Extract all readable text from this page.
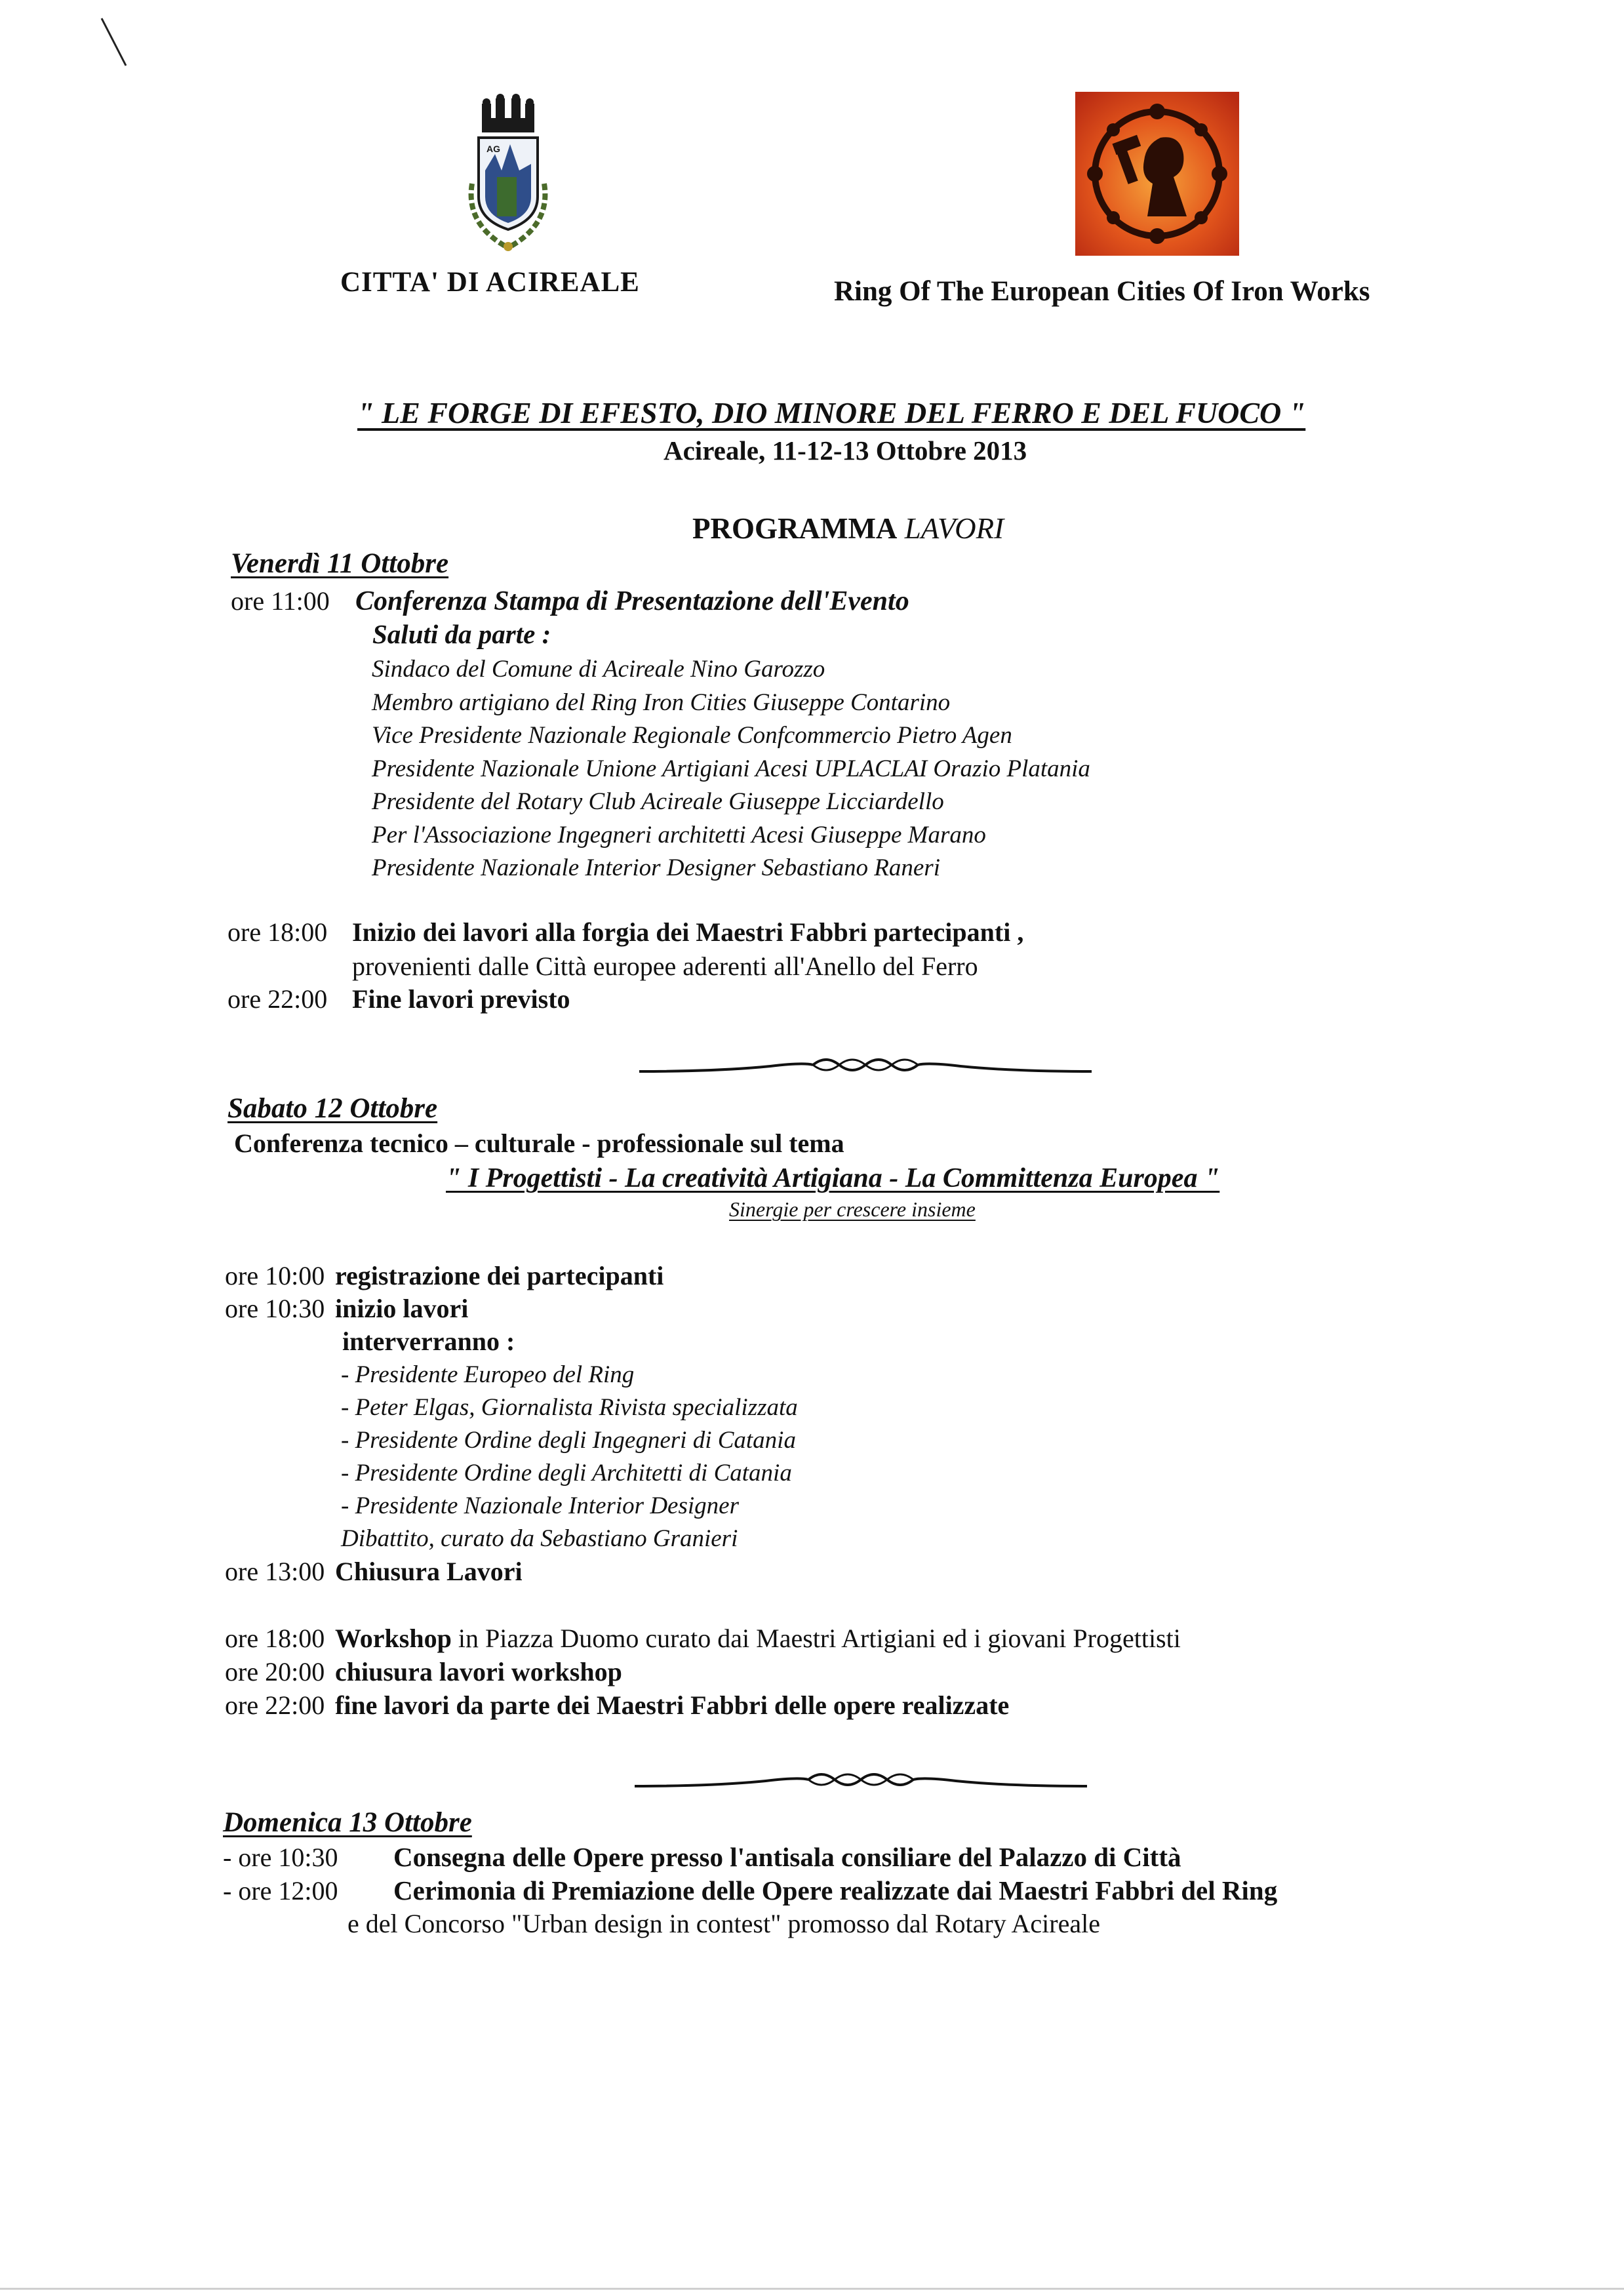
AG
CITTA' DI ACIREALE	Ring Of The European Cities Of Iron Works
" LE FORGE DI EFESTO, DIO MINORE DEL FERRO E DEL FUOCO "
Acireale, 11-12-13 Ottobre 2013
PROGRAMMA LAVORI
Venerdì 11 Ottobre
ore 11:00 Conferenza Stampa di Presentazione dell'Evento
Saluti da parte :
Sindaco del Comune di Acireale Nino Garozzo
Membro artigiano del Ring Iron Cities Giuseppe Contarino
Vice Presidente Nazionale Regionale Confcommercio Pietro Agen
Presidente Nazionale Unione Artigiani Acesi UPLACLAI Orazio Platania
Presidente del Rotary Club Acireale Giuseppe Licciardello
Per l'Associazione Ingegneri architetti Acesi Giuseppe Marano
Presidente Nazionale Interior Designer Sebastiano Raneri
ore 18:00 Inizio dei lavori alla forgia dei Maestri Fabbri partecipanti ,
provenienti dalle Città europee aderenti all'Anello del Ferro
ore 22:00 Fine lavori previsto
Sabato 12 Ottobre
Conferenza tecnico – culturale - professionale sul tema
" I Progettisti - La creatività Artigiana - La Committenza Europea "
Sinergie per crescere insieme
ore 10:00 registrazione dei partecipanti
ore 10:30 inizio lavori
interverranno :
- Presidente Europeo del Ring
- Peter Elgas, Giornalista Rivista specializzata
- Presidente Ordine degli Ingegneri di Catania
- Presidente Ordine degli Architetti di Catania
- Presidente Nazionale Interior Designer
Dibattito, curato da Sebastiano Granieri
ore 13:00 Chiusura Lavori
ore 18:00 Workshop in Piazza Duomo curato dai Maestri Artigiani ed i giovani Progettisti
ore 20:00 chiusura lavori workshop
ore 22:00 fine lavori da parte dei Maestri Fabbri delle opere realizzate
Domenica 13 Ottobre
- ore 10:30 Consegna delle Opere presso l'antisala consiliare del Palazzo di Città
- ore 12:00 Cerimonia di Premiazione delle Opere realizzate dai Maestri Fabbri del Ring
e del Concorso "Urban design in contest" promosso dal Rotary Acireale
